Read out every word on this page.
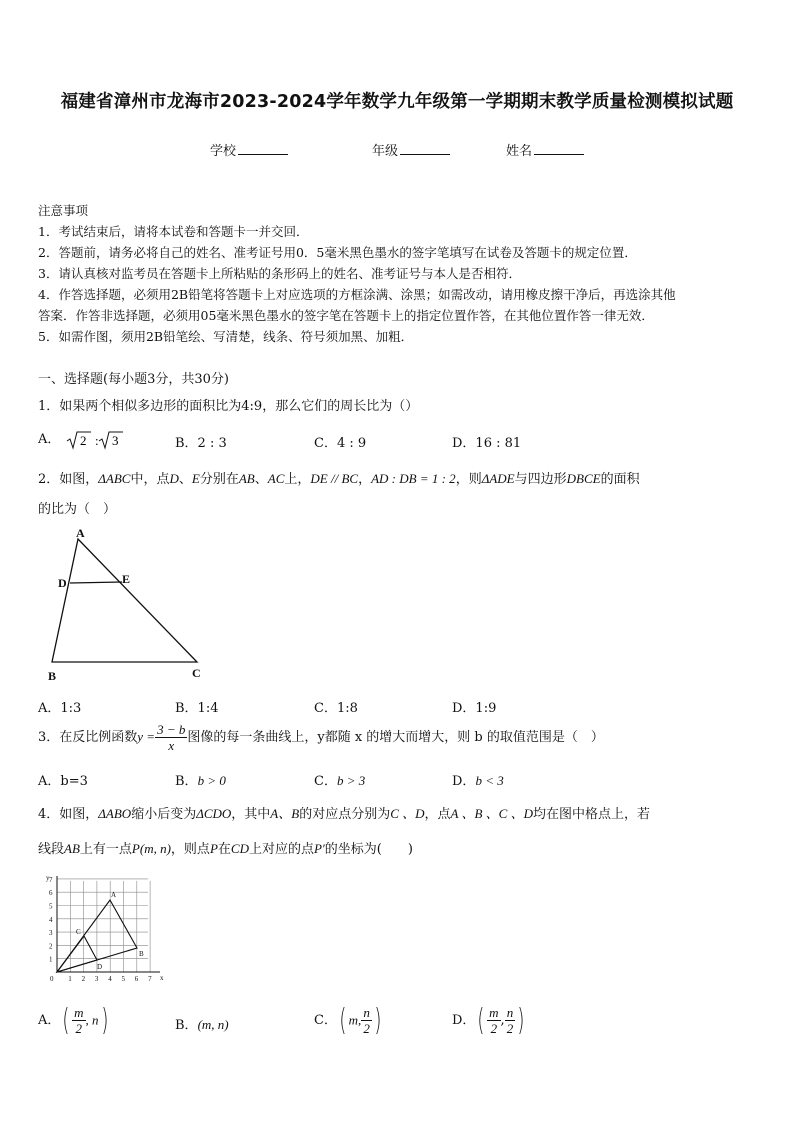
福建省漳州市龙海市2023-2024学年数学九年级第一学期期末教学质量检测模拟试题
学校	年级	姓名
注意事项
1．考试结束后，请将本试卷和答题卡一并交回．
2．答题前，请务必将自己的姓名、准考证号用0．5毫米黑色墨水的签字笔填写在试卷及答题卡的规定位置．
3．请认真核对监考员在答题卡上所粘贴的条形码上的姓名、准考证号与本人是否相符．
4．作答选择题，必须用2B铅笔将答题卡上对应选项的方框涂满、涂黑；如需改动，请用橡皮擦干净后，再选涂其他
答案．作答非选择题，必须用05毫米黑色墨水的签字笔在答题卡上的指定位置作答，在其他位置作答一律无效．
5．如需作图，须用2B铅笔绘、写清楚，线条、符号须加黑、加粗．
一、选择题(每小题3分，共30分)
1．如果两个相似多边形的面积比为4:9，那么它们的周长比为（）
A． 2 : 3	B．2 : 3	C．4 : 9	D．16 : 81
2．如图，ΔABC中，点D、E分别在AB、AC上，DE // BC，AD : DB = 1 : 2，则ΔADE与四边形DBCE的面积
的比为（　）
A
D	E
B	C
A．1:3	B．1:4	C．1:8	D．1:9
3．在反比例函数$y = \frac{3 - b}{x}$ 图像的每一条曲线上，y都随 x 的增大而增大，则 b 的取值范围是（　）
A．b=3	B．b > 0	C．b > 3	D．b < 3
4．如图，ΔABO缩小后变为ΔCDO，其中A、B的对应点分别为C 、D，点A 、B 、C 、D均在图中格点上，若
线段AB上有一点P(m, n)，则点P在CD上对应的点P′的坐标为(　　)
0 1 2 3 4 5 6 7
1
2
3
4
5
6
7
x
y
A
B
C
D
A．( $\frac{m}{2}$ , n)	B．(m, n)	C．( m, $\frac{n}{2}$ )	D．( $\frac{m}{2}$ , $\frac{n}{2}$ )
